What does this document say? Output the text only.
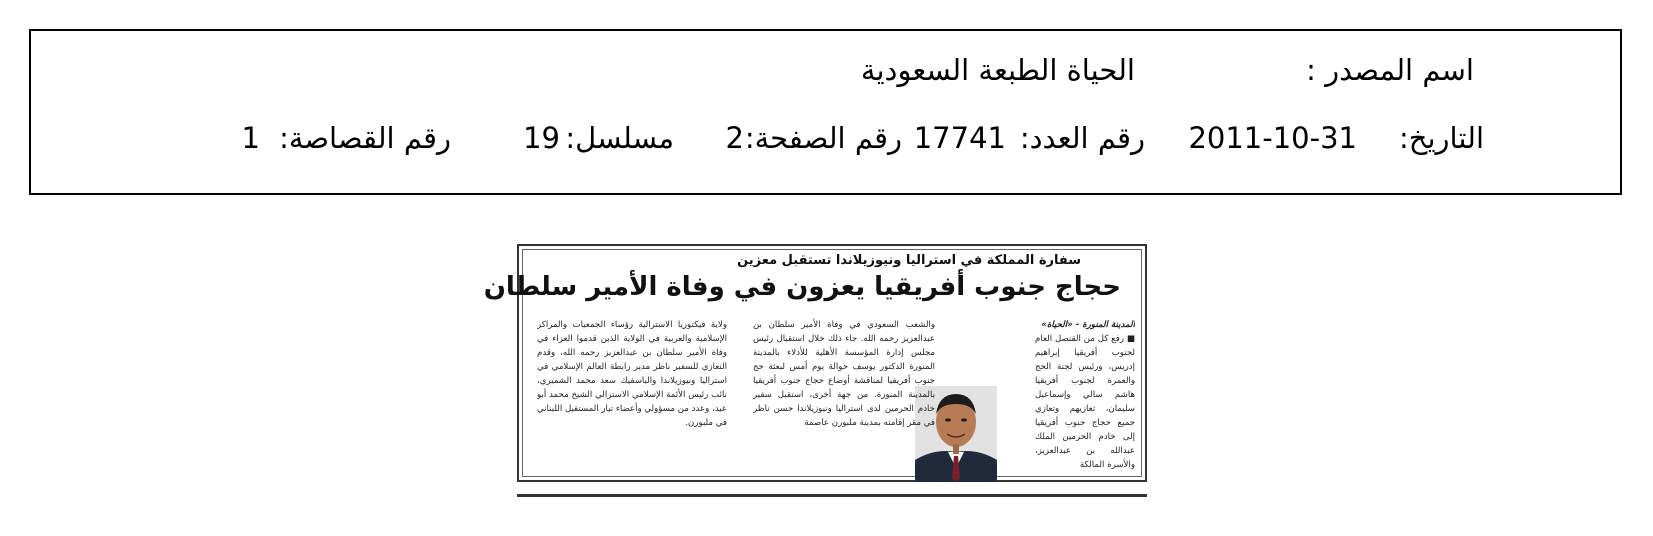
اسم المصدر :
الحياة الطبعة السعودية
التاريخ:
2011-10-31
رقم العدد:
17741
رقم الصفحة:
2
مسلسل:
19
رقم القصاصة:
1
سفارة المملكة في استراليا ونيوزيلاندا تستقبل معزين
حجاج جنوب أفريقيا يعزون في وفاة الأمير سلطان
المدينة المنورة - «الحياة»
■ رفع كل من القنصل العام لجنوب أفريقيا إبراهيم إدريس، ورئيس لجنة الحج والعمرة لجنوب أفريقيا هاشم سالي وإسماعيل سليمان، تعازيهم وتعازي جميع حجاج جنوب أفريقيا إلى خادم الحرمين الملك عبدالله بن عبدالعزيز، والأسرة المالكة
والشعب السعودي في وفاة الأمير سلطان بن عبدالعزيز رحمه الله. جاء ذلك خلال استقبال رئيس مجلس إدارة المؤسسة الأهلية للأدلاء بالمدينة المنورة الدكتور يوسف حوالة يوم أمس لبعثة حج جنوب أفريقيا لمناقشة أوضاع حجاج جنوب أفريقيا بالمدينة المنورة. من جهة أخرى، استقبل سفير خادم الحرمين لدى استراليا ونيوزيلاندا حسن ناظر في مقر إقامته بمدينة ملبورن عاصمة
ولاية فيكتوريا الاسترالية رؤساء الجمعيات والمراكز الإسلامية والعربية في الولاية الذين قدموا العزاء في وفاة الأمير سلطان بن عبدالعزيز رحمه الله، وقدم التعازي للسفير ناظر مدير رابطة العالم الإسلامي في استراليا ونيوزيلاندا والباسفيك سعد محمد الشميري، نائب رئيس الأئمة الإسلامي الاسترالي الشيخ محمد أبو عيد، وعدد من مسؤولي وأعضاء تيار المستقبل اللبناني في ملبورن.
